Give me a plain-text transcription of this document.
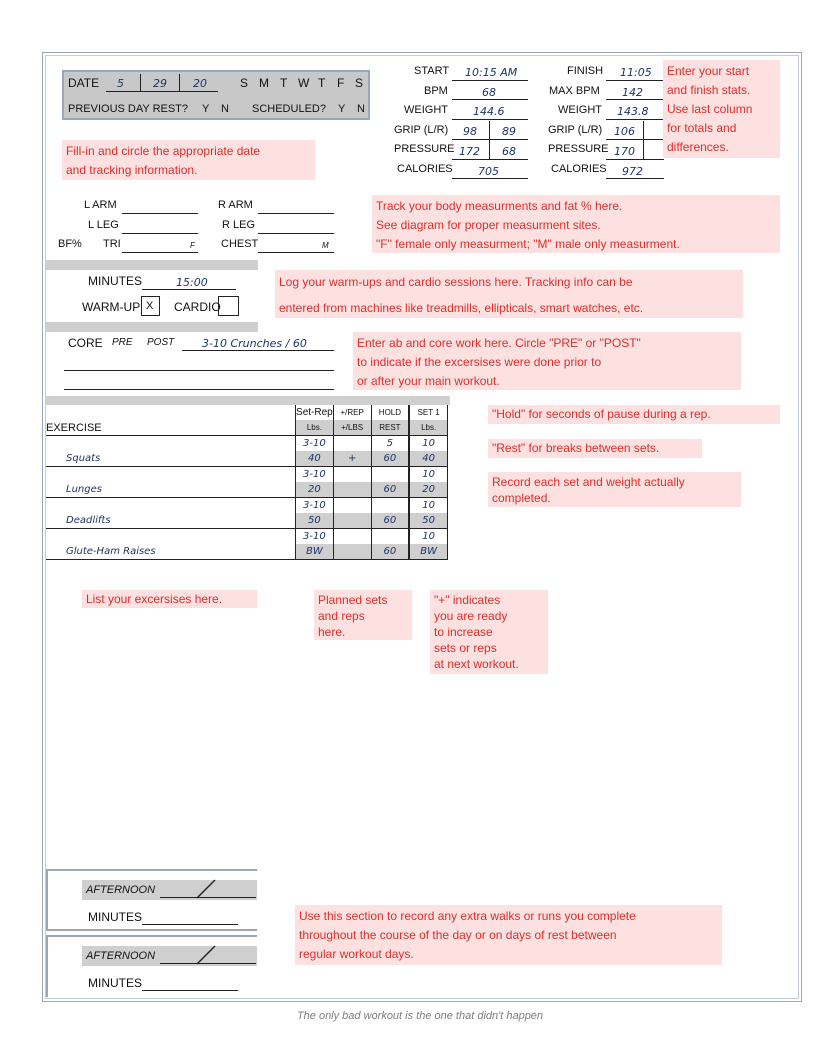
DATE 5	29 20	S M T W T F S
PREVIOUS DAY REST? Y N SCHEDULED? Y N
START 10:15 AM
BPM	68
WEIGHT 144.6
GRIP (L/R) 98 89
PRESSURE 172 68
CALORIES 705
FINISH 11:05
MAX BPM 142
WEIGHT 143.8
GRIP (L/R) 106
PRESSURE 170
CALORIES 972
Enter your start
and finish stats.
Use last column
for totals and
differences.
Fill-in and circle the appropriate date
and tracking information.
L ARM	R ARM
L LEG	R LEG
BF% TRI	F CHEST	M
Track your body measurments and fat % here.
See diagram for proper measurment sites.
"F" female only measurment; "M" male only measurment.
MINUTES	15:00
WARM-UP X CARDIO
Log your warm-ups and cardio sessions here. Tracking info can be
entered from machines like treadmills, ellipticals, smart watches, etc.
CORE PRE POST	3-10 Crunches / 60	Enter ab and core work here. Circle "PRE" or "POST"
to indicate if the excersises were done prior to
or after your main workout.
	Set-Rep	+/REP	HOLD	SET 1
EXERCISE	Lbs.	+/LBS	REST	Lbs.
	3-10		5	10
Squats	40	+	60	40
	3-10			10
Lunges	20		60	20
	3-10			10
Deadlifts	50		60	50
	3-10			10
Glute-Ham Raises	BW		60	BW
"Hold" for seconds of pause during a rep.
"Rest" for breaks between sets.
Record each set and weight actually
completed.
List your excersises here.	Planned sets
and reps
here.
"+" indicates
you are ready
to increase
sets or reps
at next workout.
AFTERNOON
MINUTES
AFTERNOON
MINUTES
Use this section to record any extra walks or runs you complete
throughout the course of the day or on days of rest between
regular workout days.
The only bad workout is the one that didn't happen
